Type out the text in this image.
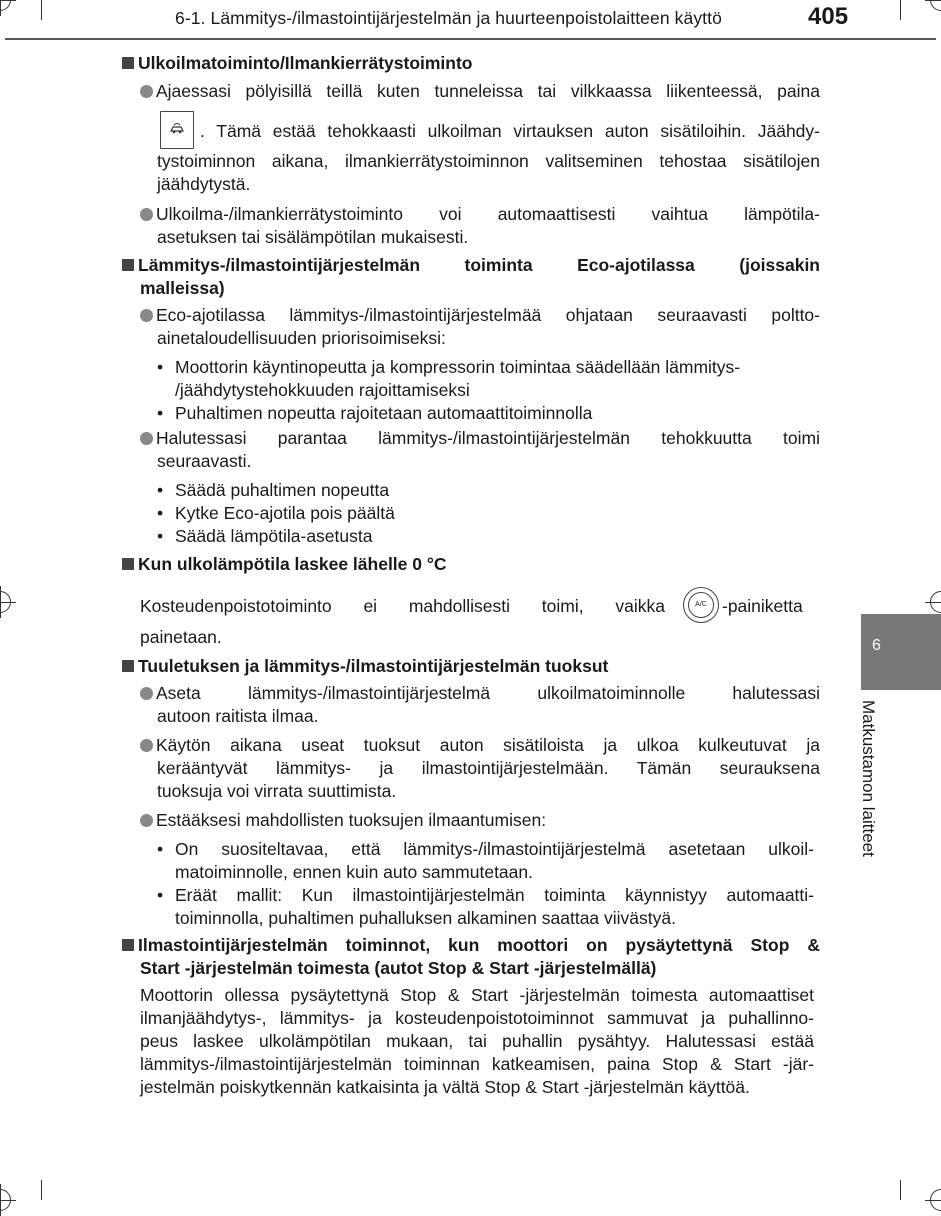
6-1. Lämmitys-/ilmastointijärjestelmän ja huurteenpoistolaitteen käyttö	405
6
Matkustamon laitteet
Ulkoilmatoiminto/Ilmankierrätystoiminto
Ajaessasi pölyisillä teillä kuten tunneleissa tai vilkkaassa liikenteessä, paina
. Tämä estää tehokkaasti ulkoilman virtauksen auton sisätiloihin. Jäähdy-
tystoiminnon aikana, ilmankierrätystoiminnon valitseminen tehostaa sisätilojen
jäähdytystä.
Ulkoilma-/ilmankierrätystoiminto voi automaattisesti vaihtua lämpötila-
asetuksen tai sisälämpötilan mukaisesti.
Lämmitys-/ilmastointijärjestelmän toiminta Eco-ajotilassa (joissakin
malleissa)
Eco-ajotilassa lämmitys-/ilmastointijärjestelmää ohjataan seuraavasti poltto-
ainetaloudellisuuden priorisoimiseksi:
• Moottorin käyntinopeutta ja kompressorin toimintaa säädellään lämmitys-
/jäähdytystehokkuuden rajoittamiseksi
• Puhaltimen nopeutta rajoitetaan automaattitoiminnolla
Halutessasi parantaa lämmitys-/ilmastointijärjestelmän tehokkuutta toimi
seuraavasti.
• Säädä puhaltimen nopeutta
• Kytke Eco-ajotila pois päältä
• Säädä lämpötila-asetusta
Kun ulkolämpötila laskee lähelle 0 °C
Kosteudenpoistotoiminto ei mahdollisesti toimi, vaikka	A/C -painiketta
painetaan.
Tuuletuksen ja lämmitys-/ilmastointijärjestelmän tuoksut
Aseta lämmitys-/ilmastointijärjestelmä ulkoilmatoiminnolle halutessasi
autoon raitista ilmaa.
Käytön aikana useat tuoksut auton sisätiloista ja ulkoa kulkeutuvat ja
kerääntyvät lämmitys- ja ilmastointijärjestelmään. Tämän seurauksena
tuoksuja voi virrata suuttimista.
Estääksesi mahdollisten tuoksujen ilmaantumisen:
• On suositeltavaa, että lämmitys-/ilmastointijärjestelmä asetetaan ulkoil-
matoiminnolle, ennen kuin auto sammutetaan.
• Eräät mallit: Kun ilmastointijärjestelmän toiminta käynnistyy automaatti-
toiminnolla, puhaltimen puhalluksen alkaminen saattaa viivästyä.
Ilmastointijärjestelmän toiminnot, kun moottori on pysäytettynä Stop &
Start -järjestelmän toimesta (autot Stop & Start -järjestelmällä)
Moottorin ollessa pysäytettynä Stop & Start -järjestelmän toimesta automaattiset
ilmanjäähdytys-, lämmitys- ja kosteudenpoistotoiminnot sammuvat ja puhallinno-
peus laskee ulkolämpötilan mukaan, tai puhallin pysähtyy. Halutessasi estää
lämmitys-/ilmastointijärjestelmän toiminnan katkeamisen, paina Stop & Start -jär-
jestelmän poiskytkennän katkaisinta ja vältä Stop & Start -järjestelmän käyttöä.
